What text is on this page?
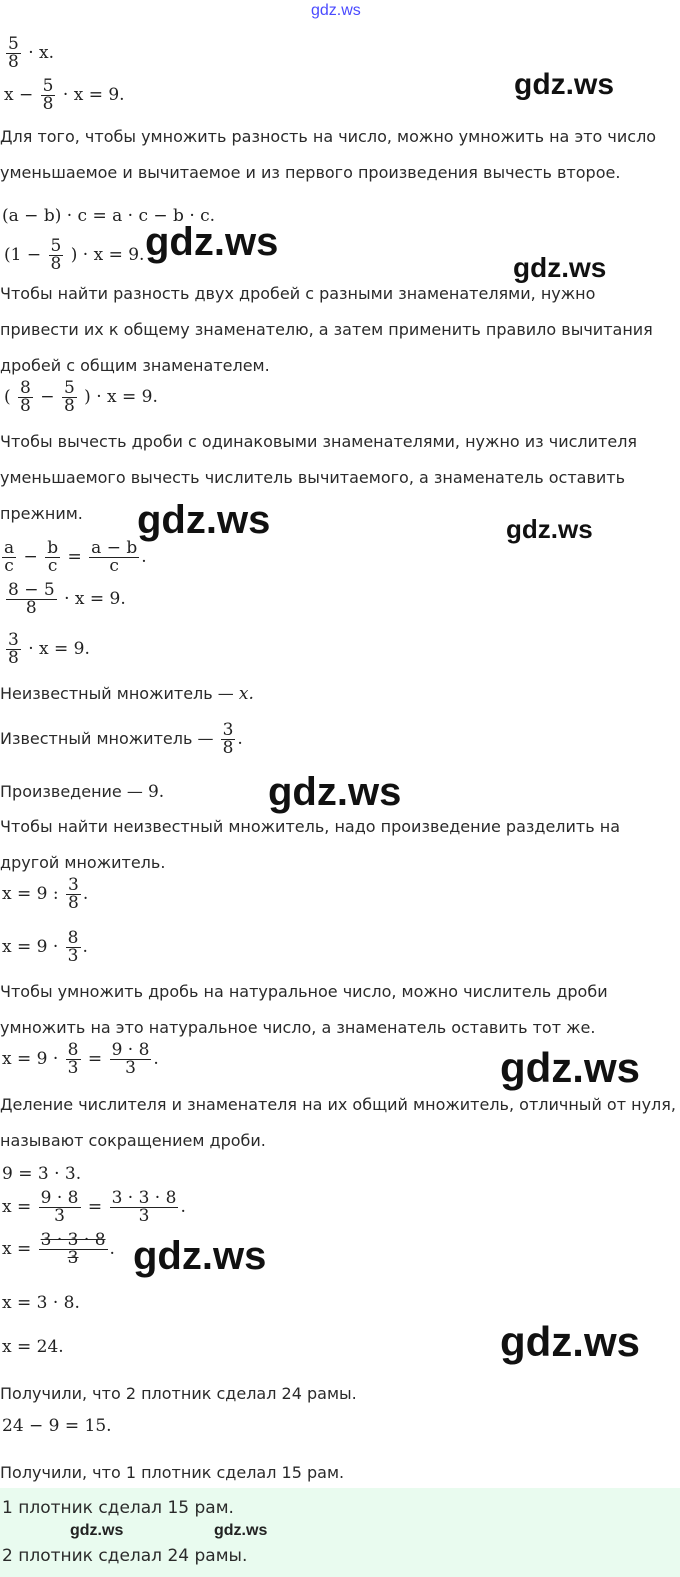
gdz.ws
$\frac{5}{8} \cdot x$.
$x - \frac{5}{8} \cdot x = 9$.	gdz.ws
Для того, чтобы умножить разность на число, можно умножить на это число
уменьшаемое и вычитаемое и из первого произведения вычесть второе.
(a − b) · c = a · c − b · c.
($1 - \frac{5}{8}$ ) · x = 9. gdz.ws
gdz.ws
Чтобы найти разность двух дробей с разными знаменателями, нужно
привести их к общему знаменателю, а затем применить правило вычитания
дробей с общим знаменателем.
( $\frac{8}{8} - \frac{5}{8}$ ) · x = 9.
Чтобы вычесть дроби с одинаковыми знаменателями, нужно из числителя
уменьшаемого вычесть числитель вычитаемого, а знаменатель оставить
прежним. gdz.ws	gdz.ws
$\frac{a}{c} - \frac{b}{c} = \frac{a - b}{c}$ .
$\frac{8 - 5}{8} \cdot x = 9$.
$\frac{3}{8} \cdot x = 9$.
Неизвестный множитель — x.
Известный множитель — $\frac{3}{8}$ .
Произведение — 9.	gdz.ws
Чтобы найти неизвестный множитель, надо произведение разделить на
другой множитель.
x = 9 : $\frac{3}{8}$ .
$x = 9 \cdot \frac{8}{3}$ .
Чтобы умножить дробь на натуральное число, можно числитель дроби
умножить на это натуральное число, а знаменатель оставить тот же.
$x = 9 \cdot \frac{8}{3} = \frac{9 \cdot 8}{3}$ .	gdz.ws
Деление числителя и знаменателя на их общий множитель, отличный от нуля,
называют сокращением дроби.
9 = 3 · 3.
$x = \frac{9 \cdot 8}{3} = \frac{3 \cdot 3 \cdot 8}{3}$ .
$x = \frac{3 \cdot 3 \cdot 8}{3}$ . gdz.ws
x = 3 · 8.
x = 24.	gdz.ws
Получили, что 2 плотник сделал 24 рамы.
24 − 9 = 15.
Получили, что 1 плотник сделал 15 рам.
1 плотник сделал 15 рам.
2 плотник сделал 24 рамы.
gdz.ws	gdz.ws
